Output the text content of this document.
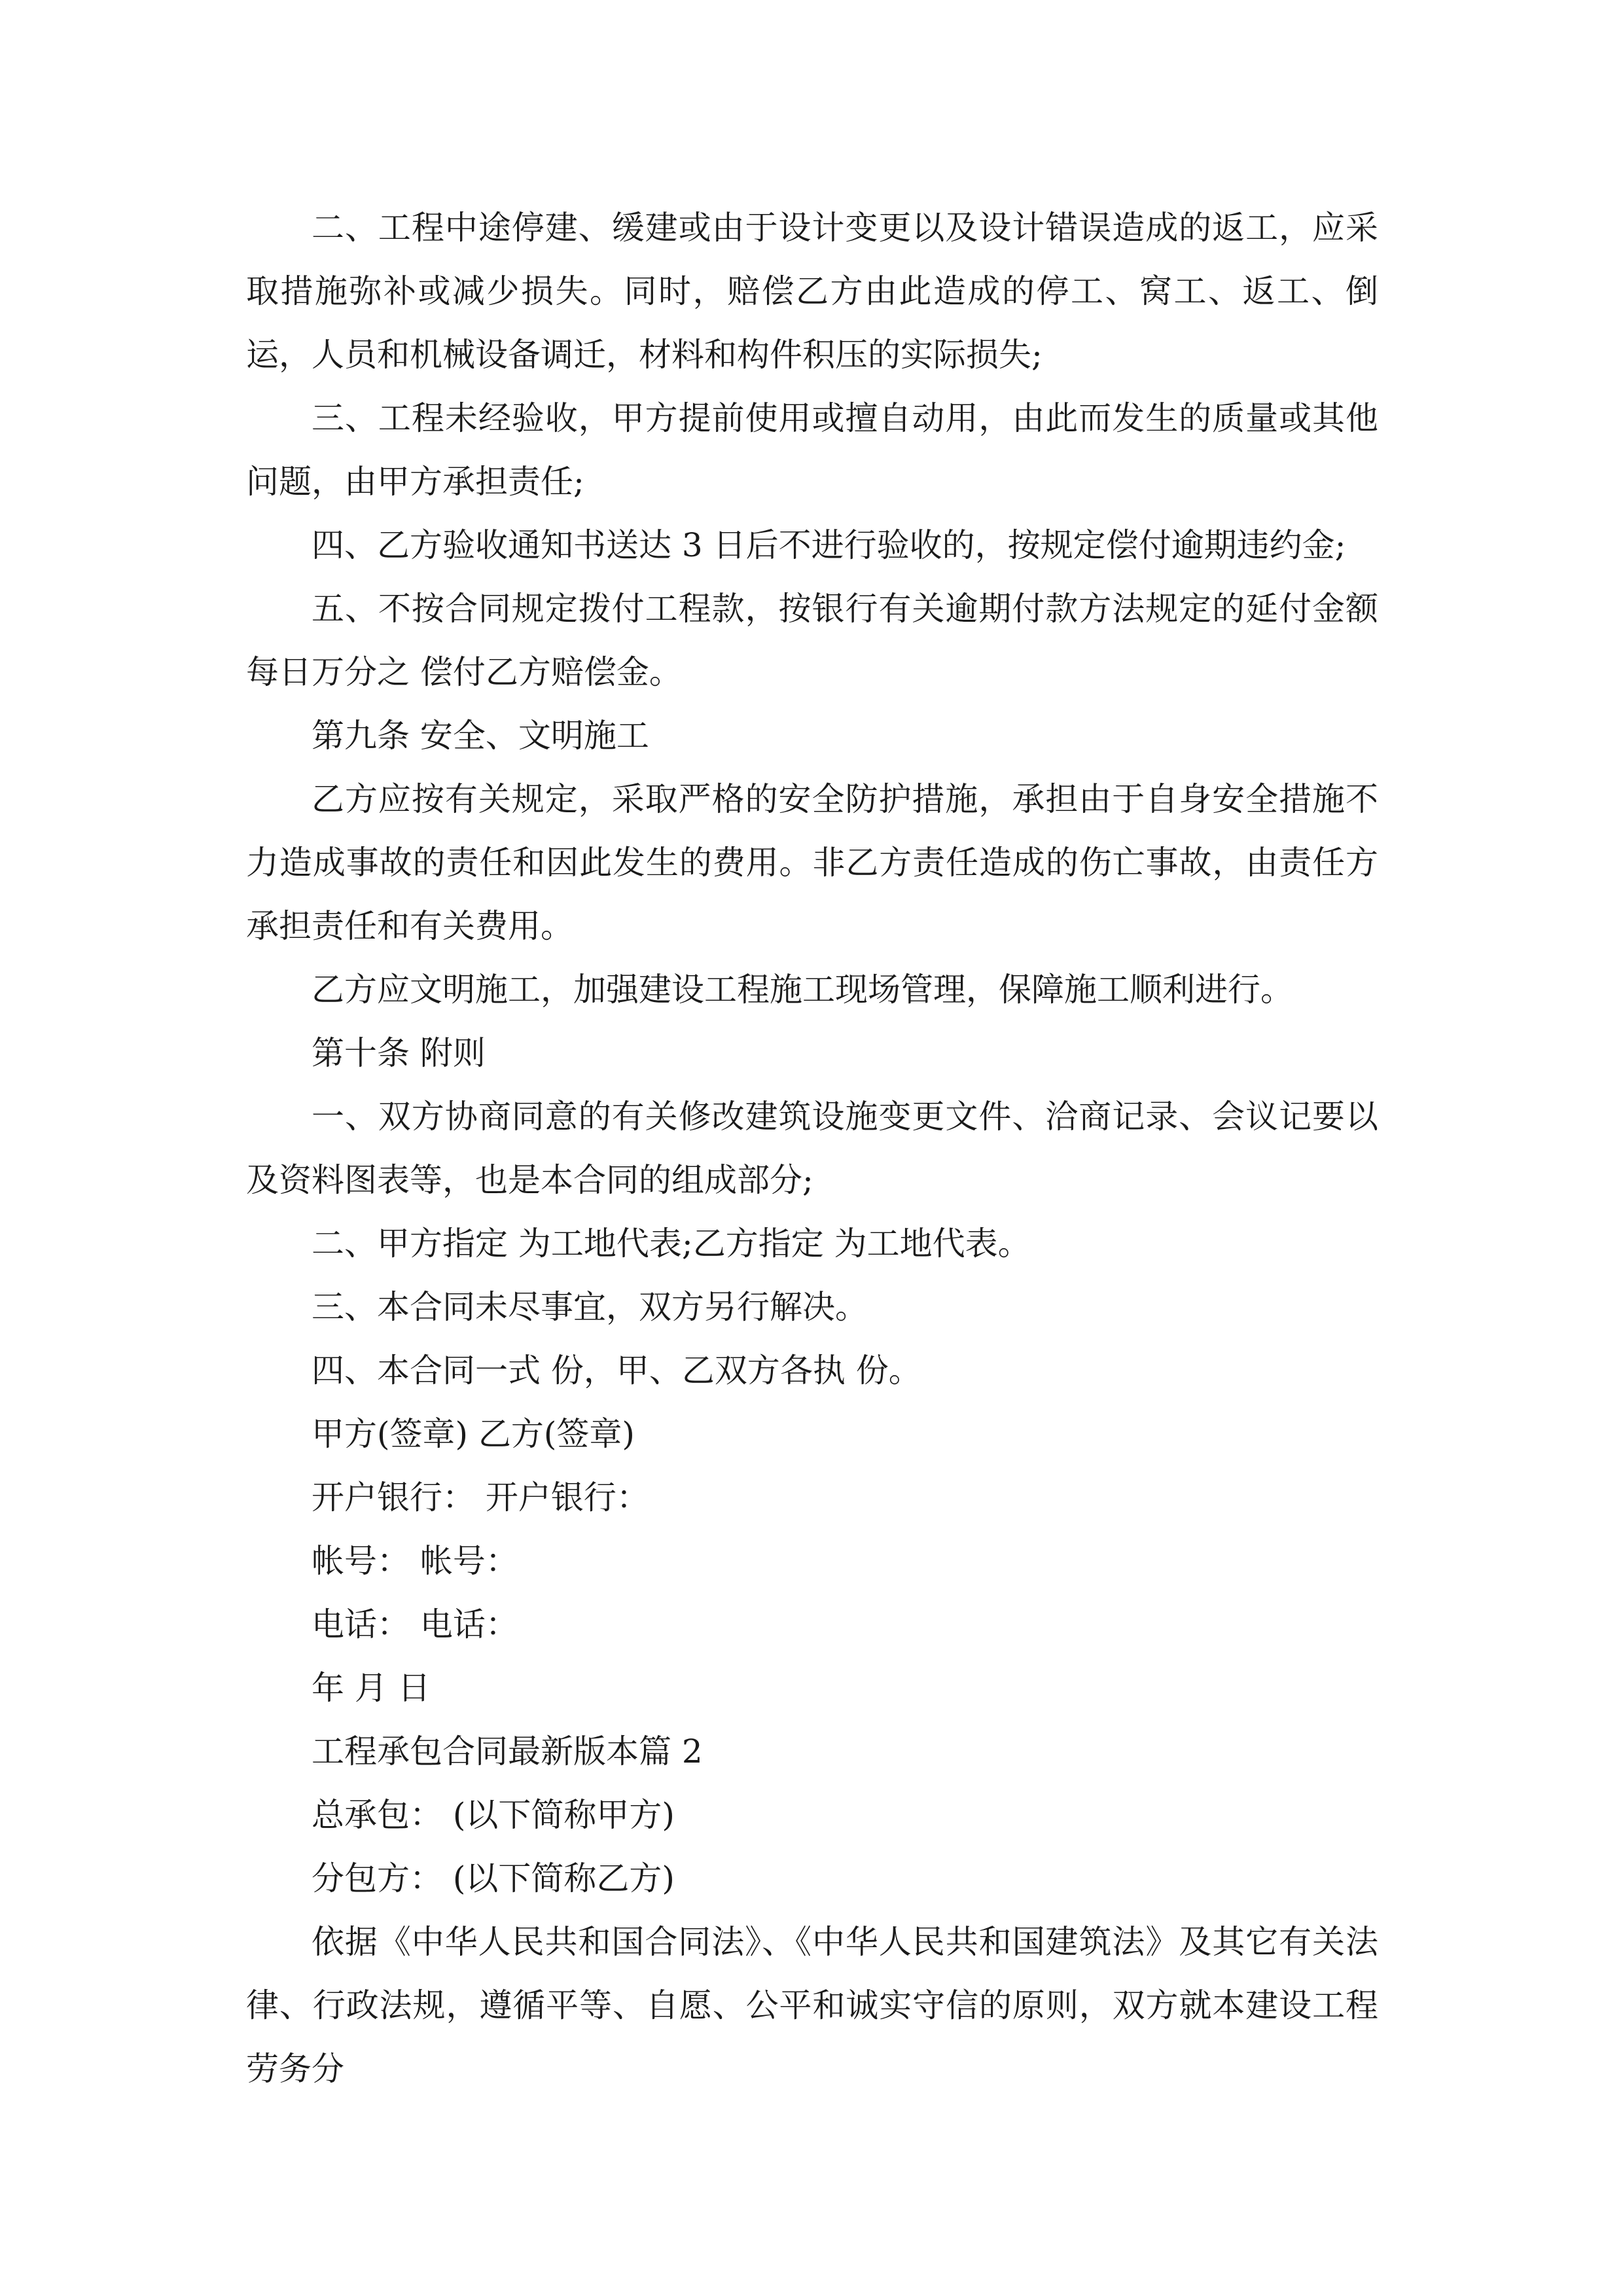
二、工程中途停建、缓建或由于设计变更以及设计错误造成的返工，应采取措施弥补或减少损失。同时，赔偿乙方由此造成的停工、窝工、返工、倒运，人员和机械设备调迁，材料和构件积压的实际损失;

三、工程未经验收，甲方提前使用或擅自动用，由此而发生的质量或其他问题，由甲方承担责任;

四、乙方验收通知书送达 3 日后不进行验收的，按规定偿付逾期违约金;

五、不按合同规定拨付工程款，按银行有关逾期付款方法规定的延付金额每日万分之 偿付乙方赔偿金。

第九条 安全、文明施工

乙方应按有关规定，采取严格的安全防护措施，承担由于自身安全措施不力造成事故的责任和因此发生的费用。非乙方责任造成的伤亡事故，由责任方承担责任和有关费用。

乙方应文明施工，加强建设工程施工现场管理，保障施工顺利进行。

第十条 附则

一、双方协商同意的有关修改建筑设施变更文件、洽商记录、会议记要以及资料图表等，也是本合同的组成部分;

二、甲方指定 为工地代表;乙方指定 为工地代表。

三、本合同未尽事宜，双方另行解决。

四、本合同一式 份，甲、乙双方各执 份。

甲方(签章) 乙方(签章)

开户银行： 开户银行：

帐号： 帐号：

电话： 电话：

年 月 日

工程承包合同最新版本篇 2

总承包： (以下简称甲方)

分包方： (以下简称乙方)

依据《中华人民共和国合同法》、《中华人民共和国建筑法》及其它有关法律、行政法规，遵循平等、自愿、公平和诚实守信的原则，双方就本建设工程劳务分
